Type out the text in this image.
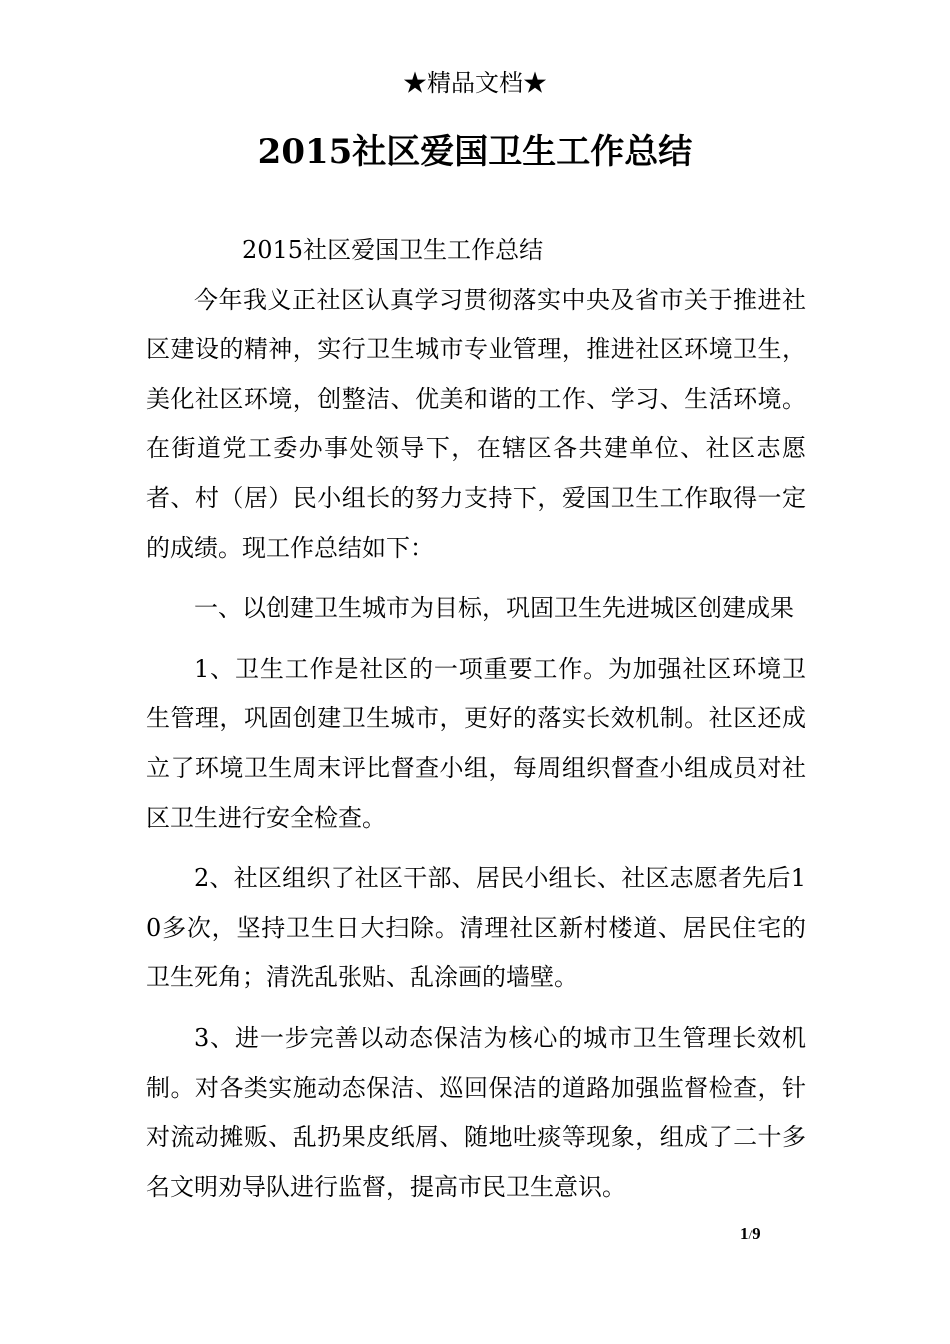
★精品文档★
2015社区爱国卫生工作总结

2015社区爱国卫生工作总结

今年我义正社区认真学习贯彻落实中央及省市关于推进社区建设的精神，实行卫生城市专业管理，推进社区环境卫生，美化社区环境，创整洁、优美和谐的工作、学习、生活环境。在街道党工委办事处领导下，在辖区各共建单位、社区志愿者、村（居）民小组长的努力支持下，爱国卫生工作取得一定的成绩。现工作总结如下：

一、以创建卫生城市为目标，巩固卫生先进城区创建成果

1、卫生工作是社区的一项重要工作。为加强社区环境卫生管理，巩固创建卫生城市，更好的落实长效机制。社区还成立了环境卫生周末评比督查小组，每周组织督查小组成员对社区卫生进行安全检查。

2、社区组织了社区干部、居民小组长、社区志愿者先后10多次，坚持卫生日大扫除。清理社区新村楼道、居民住宅的卫生死角；清洗乱张贴、乱涂画的墙壁。

3、进一步完善以动态保洁为核心的城市卫生管理长效机制。对各类实施动态保洁、巡回保洁的道路加强监督检查，针对流动摊贩、乱扔果皮纸屑、随地吐痰等现象，组成了二十多名文明劝导队进行监督，提高市民卫生意识。

1/9
